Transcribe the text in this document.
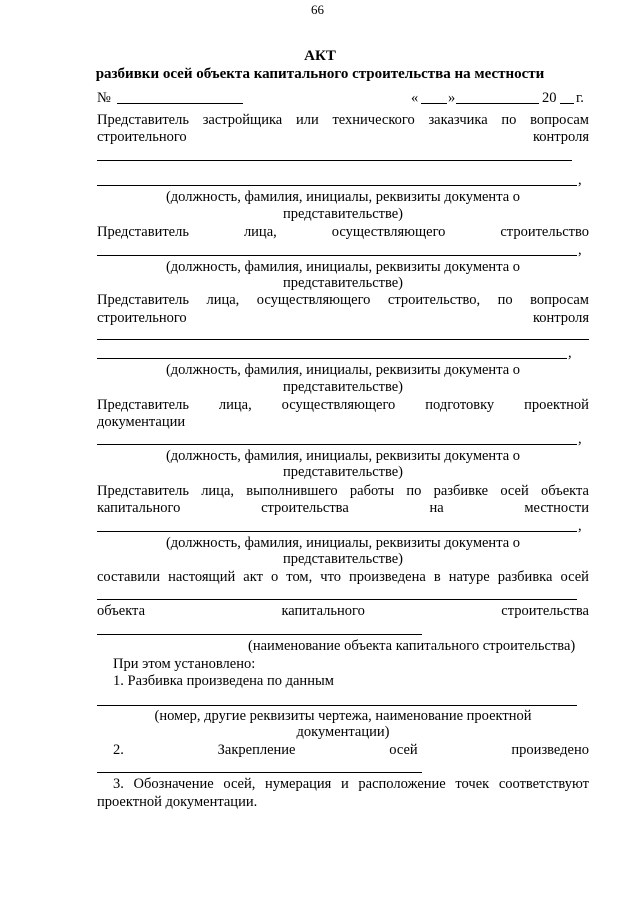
66
АКТ
разбивки осей объекта капитального строительства на местности
№	« »	20 г.
Представитель застройщика или технического заказчика по вопросам
строительного	контроля
,
(должность, фамилия, инициалы, реквизиты документа о
представительстве)
Представитель	лица,	осуществляющего	строительство
,
(должность, фамилия, инициалы, реквизиты документа о
представительстве)
Представитель лица, осуществляющего строительство, по вопросам
строительного	контроля
,
(должность, фамилия, инициалы, реквизиты документа о
представительстве)
Представитель лица, осуществляющего подготовку проектной
документации
,
(должность, фамилия, инициалы, реквизиты документа о
представительстве)
Представитель лица, выполнившего работы по разбивке осей объекта
капитального	строительства	на	местности
,
(должность, фамилия, инициалы, реквизиты документа о
представительстве)
составили настоящий акт о том, что произведена в натуре разбивка осей
объекта	капитального	строительства
(наименование объекта капитального строительства)
При этом установлено:
1. Разбивка произведена по данным
(номер, другие реквизиты чертежа, наименование проектной
документации)
2.	Закрепление	осей	произведено
3. Обозначение осей, нумерация и расположение точек соответствуют
проектной документации.
